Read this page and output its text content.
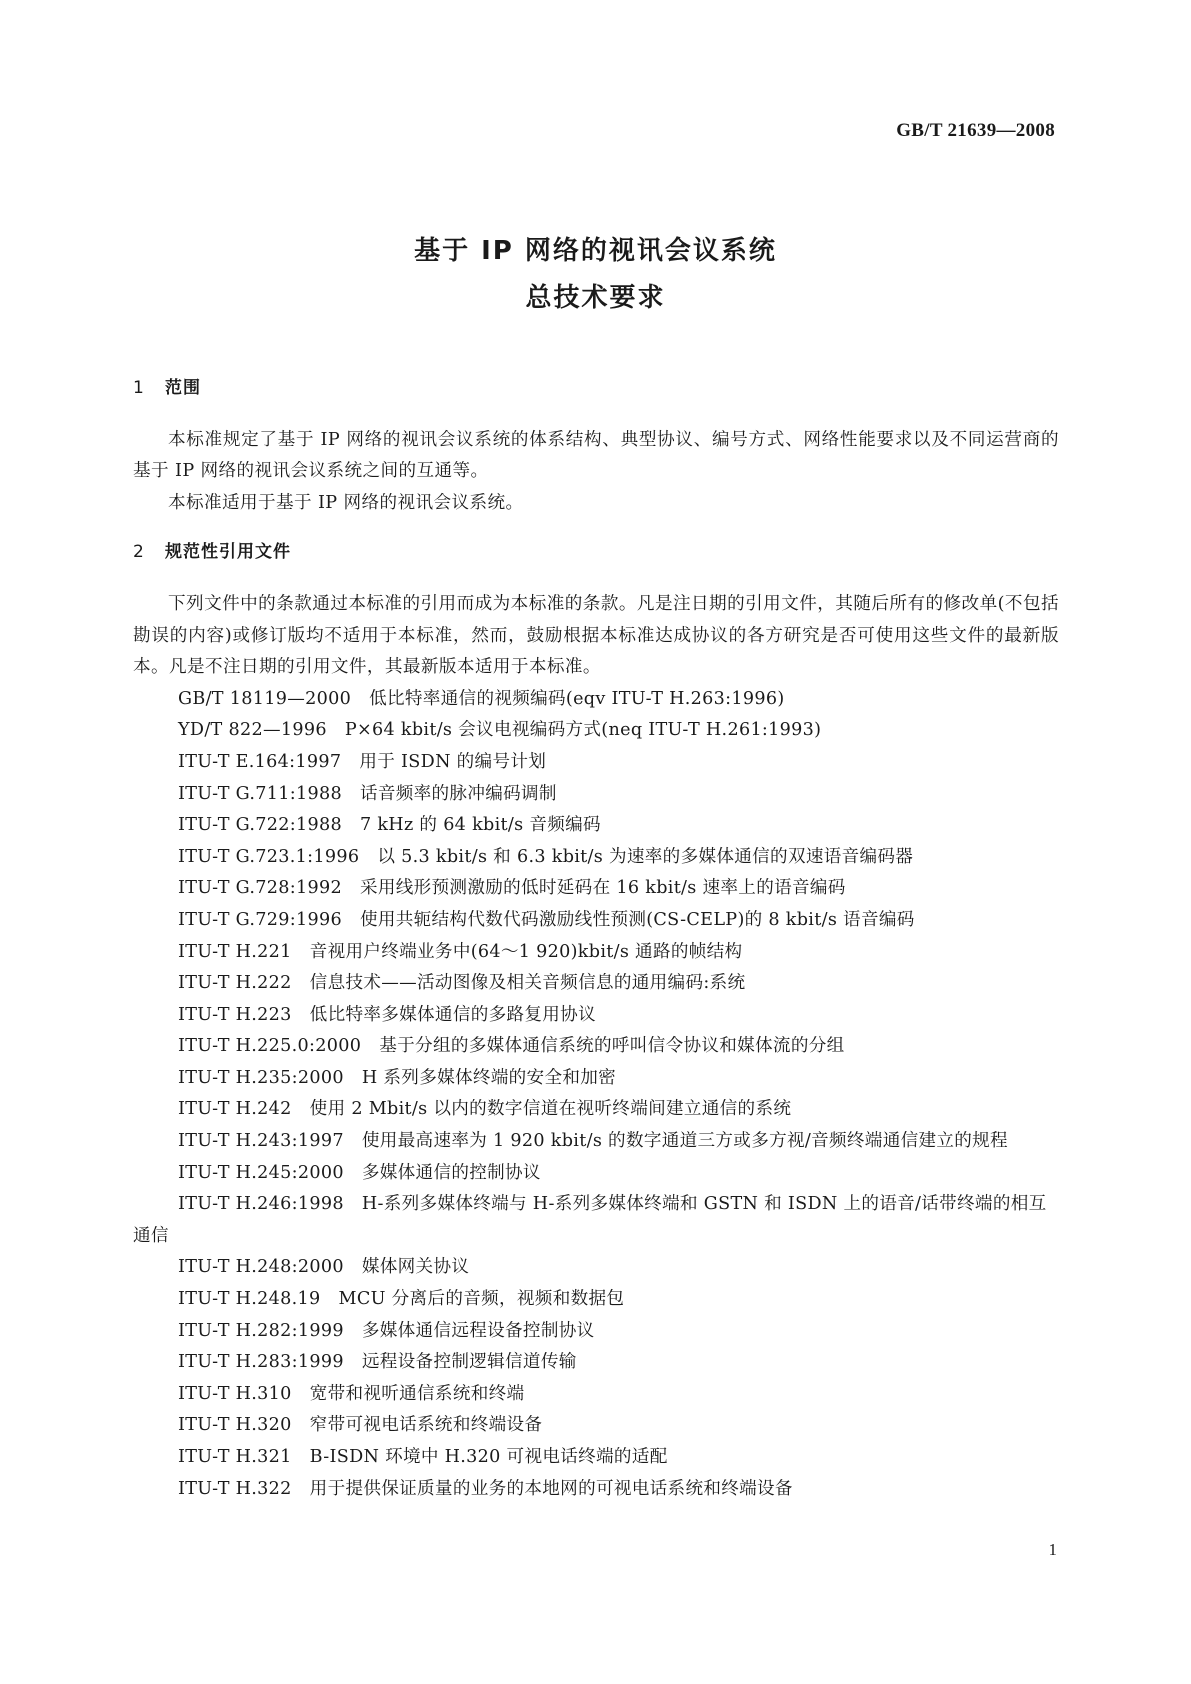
GB/T 21639—2008
基于 IP 网络的视讯会议系统
总技术要求
1 范围

本标准规定了基于 IP 网络的视讯会议系统的体系结构、典型协议、编号方式、网络性能要求以及不同运营商的基于 IP 网络的视讯会议系统之间的互通等。

本标准适用于基于 IP 网络的视讯会议系统。

2 规范性引用文件

下列文件中的条款通过本标准的引用而成为本标准的条款。凡是注日期的引用文件，其随后所有的修改单(不包括勘误的内容)或修订版均不适用于本标准，然而，鼓励根据本标准达成协议的各方研究是否可使用这些文件的最新版本。凡是不注日期的引用文件，其最新版本适用于本标准。

GB/T 18119—2000 低比特率通信的视频编码(eqv ITU-T H.263:1996)
YD/T 822—1996 P×64 kbit/s 会议电视编码方式(neq ITU-T H.261:1993)
ITU-T E.164:1997 用于 ISDN 的编号计划
ITU-T G.711:1988 话音频率的脉冲编码调制
ITU-T G.722:1988 7 kHz 的 64 kbit/s 音频编码
ITU-T G.723.1:1996 以 5.3 kbit/s 和 6.3 kbit/s 为速率的多媒体通信的双速语音编码器
ITU-T G.728:1992 采用线形预测激励的低时延码在 16 kbit/s 速率上的语音编码
ITU-T G.729:1996 使用共轭结构代数代码激励线性预测(CS-CELP)的 8 kbit/s 语音编码
ITU-T H.221 音视用户终端业务中(64～1 920)kbit/s 通路的帧结构
ITU-T H.222 信息技术——活动图像及相关音频信息的通用编码:系统
ITU-T H.223 低比特率多媒体通信的多路复用协议
ITU-T H.225.0:2000 基于分组的多媒体通信系统的呼叫信令协议和媒体流的分组
ITU-T H.235:2000 H 系列多媒体终端的安全和加密
ITU-T H.242 使用 2 Mbit/s 以内的数字信道在视听终端间建立通信的系统
ITU-T H.243:1997 使用最高速率为 1 920 kbit/s 的数字通道三方或多方视/音频终端通信建立的规程
ITU-T H.245:2000 多媒体通信的控制协议
ITU-T H.246:1998 H-系列多媒体终端与 H-系列多媒体终端和 GSTN 和 ISDN 上的语音/话带终端的相互通信
ITU-T H.248:2000 媒体网关协议
ITU-T H.248.19 MCU 分离后的音频，视频和数据包
ITU-T H.282:1999 多媒体通信远程设备控制协议
ITU-T H.283:1999 远程设备控制逻辑信道传输
ITU-T H.310 宽带和视听通信系统和终端
ITU-T H.320 窄带可视电话系统和终端设备
ITU-T H.321 B-ISDN 环境中 H.320 可视电话终端的适配
ITU-T H.322 用于提供保证质量的业务的本地网的可视电话系统和终端设备
1
